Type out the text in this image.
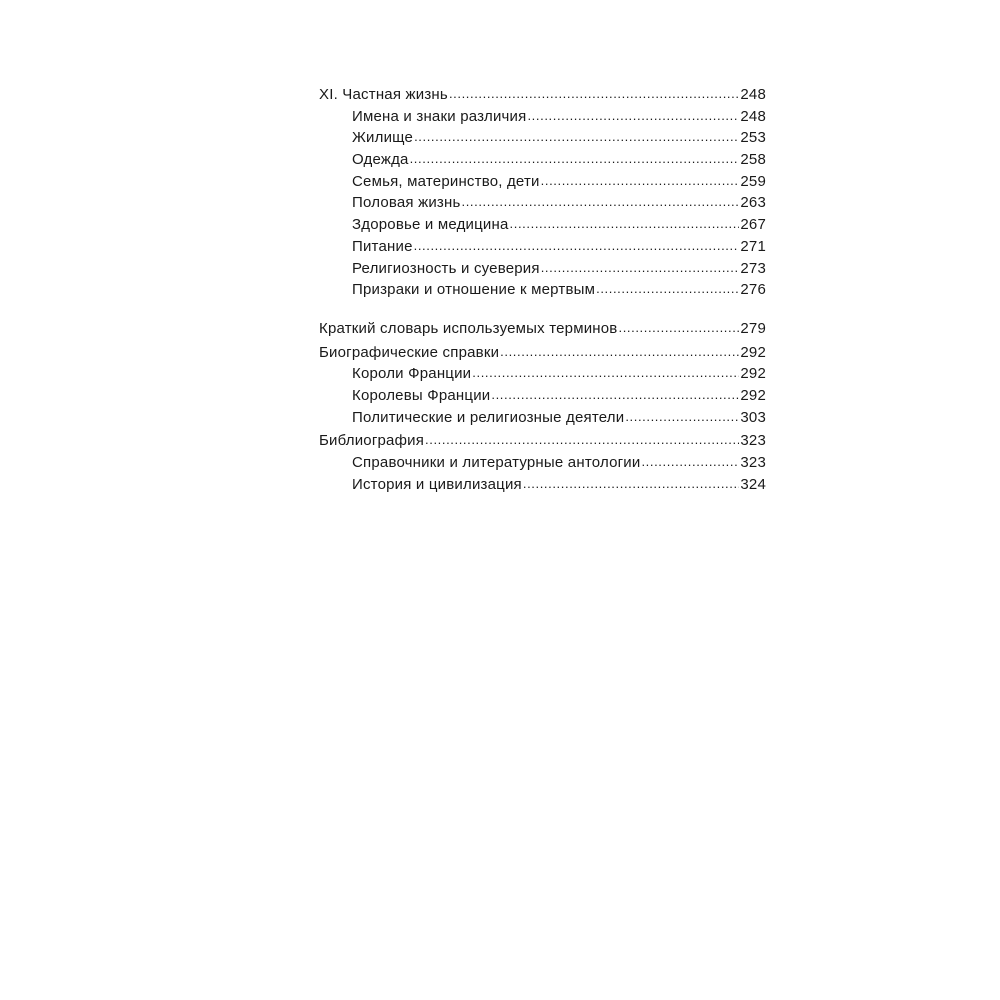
XI. Частная жизнь .....	248
Имена и знаки различия .....	248
Жилище .....	253
Одежда .....	258
Семья, материнство, дети .....	259
Половая жизнь .....	263
Здоровье и медицина .....	267
Питание .....	271
Религиозность и суеверия .....	273
Призраки и отношение к мертвым .....	276
Краткий словарь используемых терминов .....	279
Биографические справки .....	292
Короли Франции .....	292
Королевы Франции .....	292
Политические и религиозные деятели .....	303
Библиография .....	323
Справочники и литературные антологии .....	323
История и цивилизация .....	324
